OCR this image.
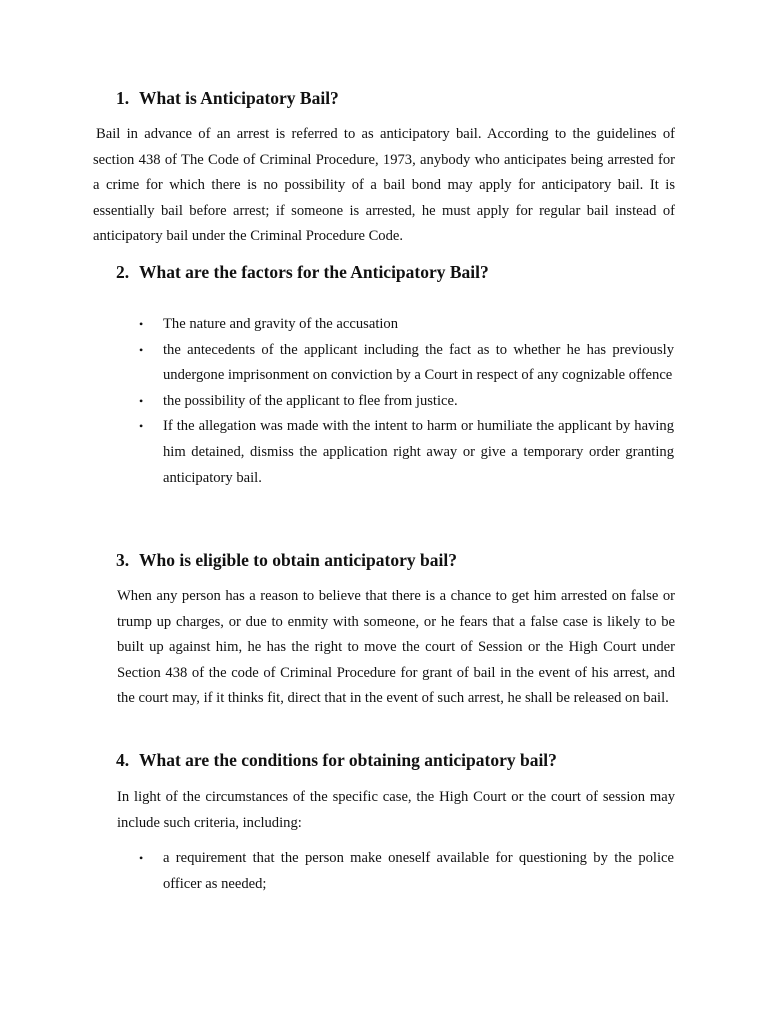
1. What is Anticipatory Bail?

Bail in advance of an arrest is referred to as anticipatory bail. According to the guidelines of section 438 of The Code of Criminal Procedure, 1973, anybody who anticipates being arrested for a crime for which there is no possibility of a bail bond may apply for anticipatory bail. It is essentially bail before arrest; if someone is arrested, he must apply for regular bail instead of anticipatory bail under the Criminal Procedure Code.

2. What are the factors for the Anticipatory Bail?
• The nature and gravity of the accusation
• the antecedents of the applicant including the fact as to whether he has previously undergone imprisonment on conviction by a Court in respect of any cognizable offence
• the possibility of the applicant to flee from justice.
• If the allegation was made with the intent to harm or humiliate the applicant by having him detained, dismiss the application right away or give a temporary order granting anticipatory bail.
3. Who is eligible to obtain anticipatory bail?

When any person has a reason to believe that there is a chance to get him arrested on false or trump up charges, or due to enmity with someone, or he fears that a false case is likely to be built up against him, he has the right to move the court of Session or the High Court under Section 438 of the code of Criminal Procedure for grant of bail in the event of his arrest, and the court may, if it thinks fit, direct that in the event of such arrest, he shall be released on bail.

4. What are the conditions for obtaining anticipatory bail?

In light of the circumstances of the specific case, the High Court or the court of session may include such criteria, including:

• a requirement that the person make oneself available for questioning by the police officer as needed;
